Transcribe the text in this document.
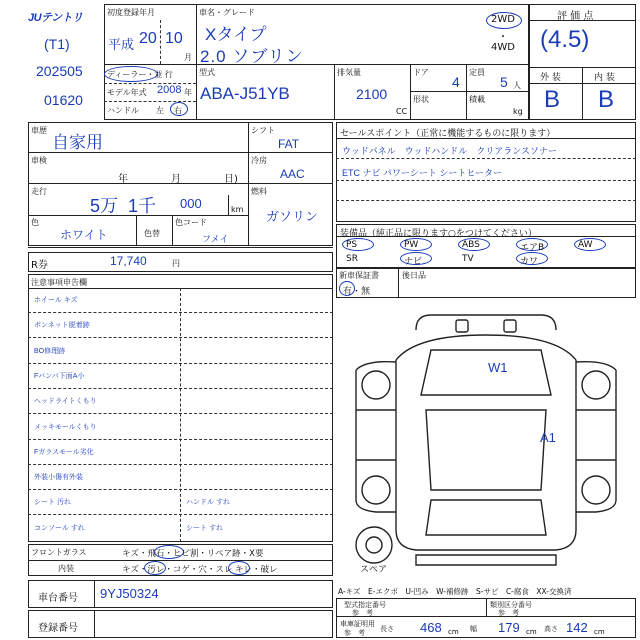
JUテントリ
(T1)
202505
01620
初度登録年月
平成 20 10
月
車名・グレード
Xタイプ
2.0 ソブリン
2WD
・
4WD
ディーラー・並 行
モデル年式 2008 年
ハンドル 左 右
型式
ABA-J51YB
排気量
2100
CC
ドア
4
定員
5 人
形状	積載
kg
評 価 点
(4.5)
外 装	内 装
B B
車歴
自家用
車検
年	月	日)
走行
5万 1千 000	km
色
ホワイト	色替
色コード
フメイ
シフト
FAT
冷房
AAC
燃料
ガソリン
R券	17,740	円
セールスポイント（正常に機能するものに限ります）
ウッドパネル　ウッドハンドル　クリアランスソナー
ETC ナビ パワーシート シートヒーター
装備品（純正品に限ります○をつけてください）
PS	PW	ABS	エアB	AW
SR	ナビ	TV	カワ
新車保証書
有・無
後日品
注意事項申告欄
ホイール キズ
ボンネット脱着跡
BO修理跡
Fバンパ下面A小
ヘッドライトくもり
メッキモールくもり
Fガラスモール劣化
外装小傷有外装
シート 汚れ	ハンドル すれ
コンソール すれ	シート すれ
フロントガラス	キズ・飛石・ヒビ割・リペア跡・X要
内装	キズ・汚レ・コゲ・穴・スレ キレ・破レ
車台番号 9YJ50324
登録番号
W1
A1
スペア
A-キズ　E-エクボ　U-凹み　W-補修跡　S-サビ　C-腐食　XX-交換済
型式指定番号
参　考
類別区分番号
参　考
車庫証明用
参　考 長さ 468 cm 幅 179 cm 高さ 142 cm
